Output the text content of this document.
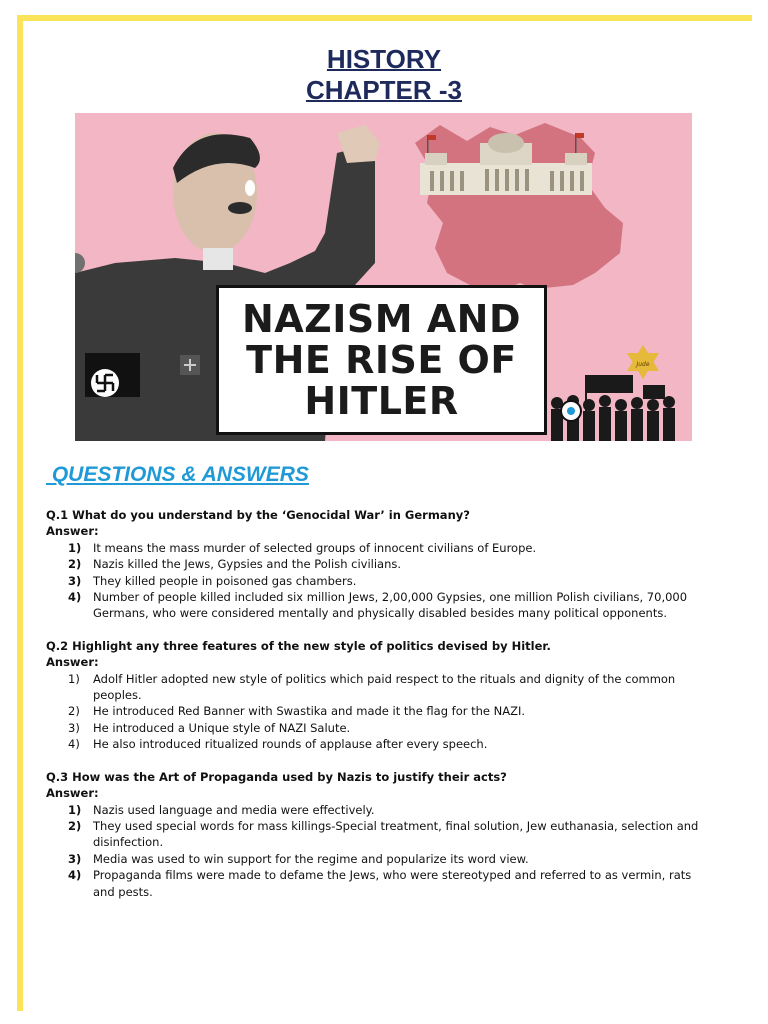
HISTORY
CHAPTER -3
Jude
NAZISM AND
THE RISE OF
HITLER
QUESTIONS & ANSWERS
Q.1 What do you understand by the ‘Genocidal War’ in Germany?
Answer:
1) It means the mass murder of selected groups of innocent civilians of Europe.
2) Nazis killed the Jews, Gypsies and the Polish civilians.
3) They killed people in poisoned gas chambers.
4) Number of people killed included six million Jews, 2,00,000 Gypsies, one million Polish civilians, 70,000 Germans, who were considered mentally and physically disabled besides many political opponents.
Q.2 Highlight any three features of the new style of politics devised by Hitler.
Answer:
1) Adolf Hitler adopted new style of politics which paid respect to the rituals and dignity of the common peoples.
2) He introduced Red Banner with Swastika and made it the flag for the NAZI.
3) He introduced a Unique style of NAZI Salute.
4) He also introduced ritualized rounds of applause after every speech.
Q.3 How was the Art of Propaganda used by Nazis to justify their acts?
Answer:
1) Nazis used language and media were effectively.
2) They used special words for mass killings-Special treatment, final solution, Jew euthanasia, selection and disinfection.
3) Media was used to win support for the regime and popularize its word view.
4) Propaganda films were made to defame the Jews, who were stereotyped and referred to as vermin, rats and pests.
